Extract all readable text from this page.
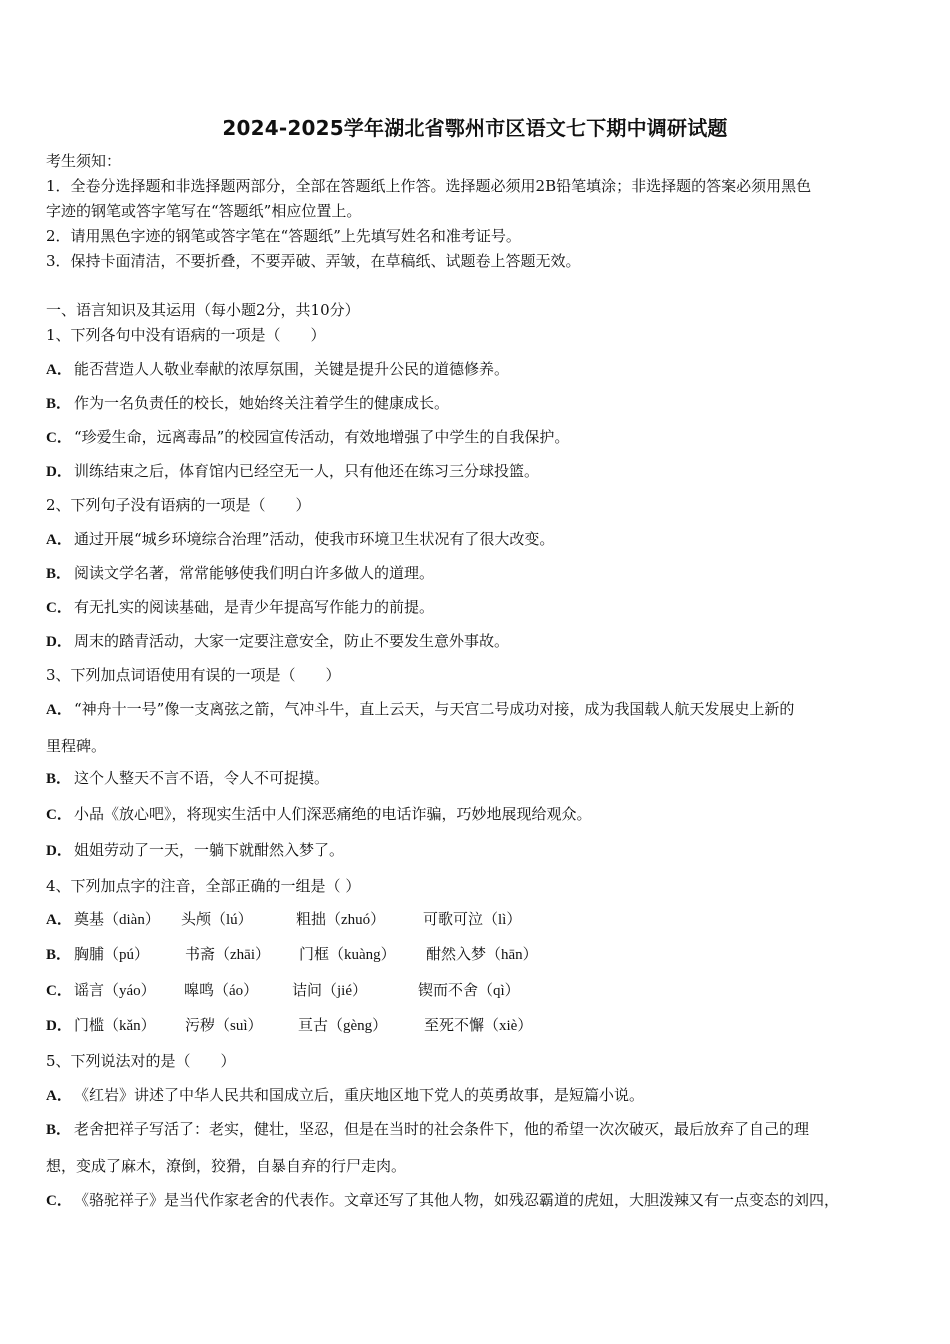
2024-2025学年湖北省鄂州市区语文七下期中调研试题
考生须知：
1．全卷分选择题和非选择题两部分，全部在答题纸上作答。选择题必须用2B铅笔填涂；非选择题的答案必须用黑色
字迹的钢笔或答字笔写在“答题纸”相应位置上。
2．请用黑色字迹的钢笔或答字笔在“答题纸”上先填写姓名和准考证号。
3．保持卡面清洁，不要折叠，不要弄破、弄皱，在草稿纸、试题卷上答题无效。
一、语言知识及其运用（每小题2分，共10分）
1、下列各句中没有语病的一项是（　　）
A． 能否营造人人敬业奉献的浓厚氛围，关键是提升公民的道德修养。
B． 作为一名负责任的校长，她始终关注着学生的健康成长。
C． “珍爱生命，远离毒品”的校园宣传活动，有效地增强了中学生的自我保护。
D． 训练结束之后，体育馆内已经空无一人，只有他还在练习三分球投篮。
2、下列句子没有语病的一项是（　　）
A． 通过开展“城乡环境综合治理”活动，使我市环境卫生状况有了很大改变。
B． 阅读文学名著，常常能够使我们明白许多做人的道理。
C． 有无扎实的阅读基础，是青少年提高写作能力的前提。
D． 周末的踏青活动，大家一定要注意安全，防止不要发生意外事故。
3、下列加点词语使用有误的一项是（　　）
A． “神舟十一号”像一支离弦之箭，气冲斗牛，直上云天，与天宫二号成功对接，成为我国载人航天发展史上新的
里程碑。
B． 这个人整天不言不语，令人不可捉摸。
C． 小品《放心吧》，将现实生活中人们深恶痛绝的电话诈骗，巧妙地展现给观众。
D． 姐姐劳动了一天，一躺下就酣然入梦了。
4、下列加点字的注音，全部正确的一组是（ ）
A． 奠基（diàn） 头颅（lú）	粗拙（zhuó）	可歌可泣（lì）
B． 胸脯（pú） 书斋（zhāi） 门框（kuàng） 酣然入梦（hān）
C． 谣言（yáo） 嗥鸣（áo） 诘问（jié）	锲而不舍（qì）
D． 门槛（kǎn） 污秽（suì） 亘古（gèng） 至死不懈（xiè）
5、下列说法对的是（　　）
A． 《红岩》讲述了中华人民共和国成立后，重庆地区地下党人的英勇故事，是短篇小说。
B． 老舍把祥子写活了：老实，健壮，坚忍，但是在当时的社会条件下，他的希望一次次破灭，最后放弃了自己的理
想，变成了麻木，潦倒，狡猾，自暴自弃的行尸走肉。
C． 《骆驼祥子》是当代作家老舍的代表作。文章还写了其他人物，如残忍霸道的虎妞，大胆泼辣又有一点变态的刘四，
